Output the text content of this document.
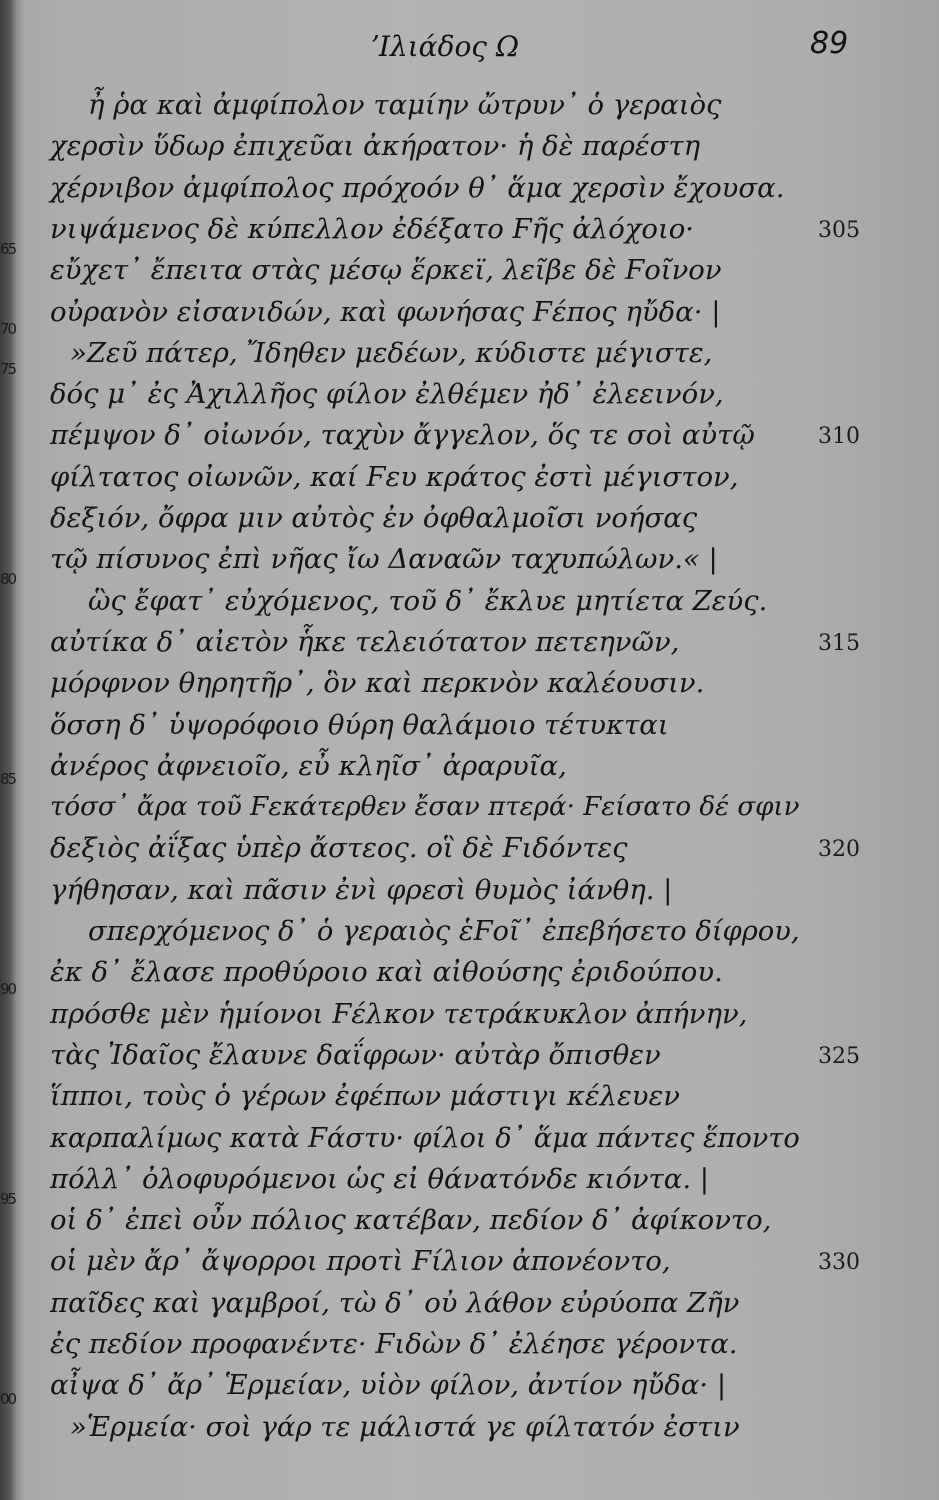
65
70
75
80
85
90
95
00
ʼΙλιάδος Ω	89
ἦ ῥα καὶ ἀμφίπολον ταμίην ὤτρυν᾿ ὁ γεραιὸς
χερσὶν ὕδωρ ἐπιχεῦαι ἀκήρατον· ἡ δὲ παρέστη
χέρνιβον ἀμφίπολος πρόχοόν θ᾿ ἅμα χερσὶν ἔχουσα.
νιψάμενος δὲ κύπελλον ἐδέξατο Ϝῆς ἀλόχοιο·	305
εὔχετ᾿ ἔπειτα στὰς μέσῳ ἕρκεϊ, λεῖβε δὲ Ϝοῖνον
οὐρανὸν εἰσανιδών, καὶ φωνήσας Ϝέπος ηὔδα· |
»Ζεῦ πάτερ, Ἴδηθεν μεδέων, κύδιστε μέγιστε,
δός μ᾿ ἐς Ἀχιλλῆος φίλον ἐλθέμεν ἠδ᾿ ἐλεεινόν,
πέμψον δ᾿ οἰωνόν, ταχὺν ἄγγελον, ὅς τε σοὶ αὐτῷ	310
φίλτατος οἰωνῶν, καί Ϝευ κράτος ἐστὶ μέγιστον,
δεξιόν, ὄφρα μιν αὐτὸς ἐν ὀφθαλμοῖσι νοήσας
τῷ πίσυνος ἐπὶ νῆας ἴω Δαναῶν ταχυπώλων.« |
ὣς ἔφατ᾿ εὐχόμενος, τοῦ δ᾿ ἔκλυε μητίετα Ζεύς.
αὐτίκα δ᾿ αἰετὸν ἧκε τελειότατον πετεηνῶν,	315
μόρφνον θηρητῆρ᾿, ὃν καὶ περκνὸν καλέουσιν.
ὅσση δ᾿ ὑψορόφοιο θύρη θαλάμοιο τέτυκται
ἀνέρος ἀφνειοῖο, εὖ κληῖσ᾿ ἀραρυῖα,
τόσσ᾿ ἄρα τοῦ Ϝεκάτερθεν ἔσαν πτερά· Ϝείσατο δέ σφιν
δεξιὸς ἀΐξας ὑπὲρ ἄστεος. οἳ δὲ Ϝιδόντες	320
γήθησαν, καὶ πᾶσιν ἐνὶ φρεσὶ θυμὸς ἰάνθη. |
σπερχόμενος δ᾿ ὁ γεραιὸς ἑϜοῖ᾿ ἐπεβήσετο δίφρου,
ἐκ δ᾿ ἔλασε προθύροιο καὶ αἰθούσης ἐριδούπου.
πρόσθε μὲν ἡμίονοι Ϝέλκον τετράκυκλον ἀπήνην,
τὰς Ἰδαῖος ἔλαυνε δαΐφρων· αὐτὰρ ὄπισθεν	325
ἵπποι, τοὺς ὁ γέρων ἐφέπων μάστιγι κέλευεν
καρπαλίμως κατὰ Ϝάστυ· φίλοι δ᾿ ἅμα πάντες ἕποντο
πόλλ᾿ ὀλοφυρόμενοι ὡς εἰ θάνατόνδε κιόντα. |
οἱ δ᾿ ἐπεὶ οὖν πόλιος κατέβαν, πεδίον δ᾿ ἀφίκοντο,
οἱ μὲν ἄρ᾿ ἄψορροι προτὶ Ϝίλιον ἀπονέοντο,	330
παῖδες καὶ γαμβροί, τὼ δ᾿ οὐ λάθον εὐρύοπα Ζῆν
ἐς πεδίον προφανέντε· Ϝιδὼν δ᾿ ἐλέησε γέροντα.
αἶψα δ᾿ ἄρ᾿ Ἑρμείαν, υἱὸν φίλον, ἀντίον ηὔδα· |
»Ἑρμεία· σοὶ γάρ τε μάλιστά γε φίλτατόν ἐστιν
